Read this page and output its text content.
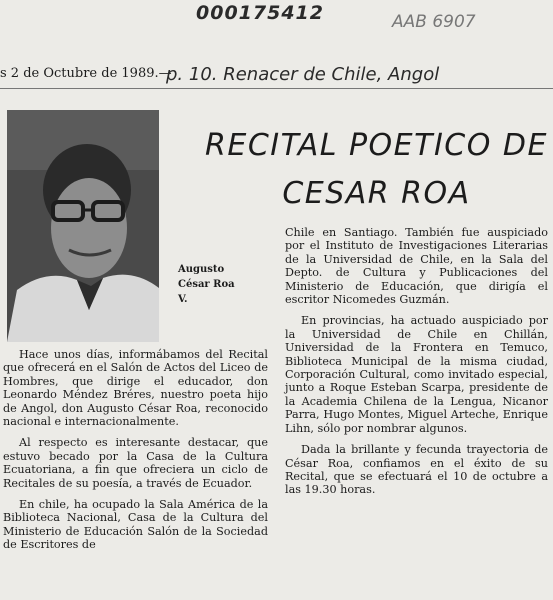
000175412	AAB 6907
s 2 de Octubre de 1989.—
p. 10. Renacer de Chile, Angol
RECITAL POETICO DE CESAR ROA
Augusto César Roa V.

Hace unos días, informábamos del Recital que ofrecerá en el Salón de Actos del Liceo de Hombres, que dirige el educador, don Leonardo Méndez Bréres, nuestro poeta hijo de Angol, don Augusto César Roa, reconocido nacional e internacionalmente.

Al respecto es interesante destacar, que estuvo becado por la Casa de la Cultura Ecuatoriana, a fin que ofreciera un ciclo de Recitales de su poesía, a través de Ecuador.

En chile, ha ocupado la Sala América de la Biblioteca Nacional, Casa de la Cultura del Ministerio de Educación Salón de la Sociedad de Escritores de

Chile en Santiago. También fue auspiciado por el Instituto de Investigaciones Literarias de la Universidad de Chile, en la Sala del Depto. de Cultura y Publicaciones del Ministerio de Educación, que dirigía el escritor Nicomedes Guzmán.

En provincias, ha actuado auspiciado por la Universidad de Chile en Chillán, Universidad de la Frontera en Temuco, Biblioteca Municipal de la misma ciudad, Corporación Cultural, como invitado especial, junto a Roque Esteban Scarpa, presidente de la Academia Chilena de la Lengua, Nicanor Parra, Hugo Montes, Miguel Arteche, Enrique Lihn, sólo por nombrar algunos.

Dada la brillante y fecunda trayectoria de César Roa, confiamos en el éxito de su Recital, que se efectuará el 10 de octubre a las 19.30 horas.
